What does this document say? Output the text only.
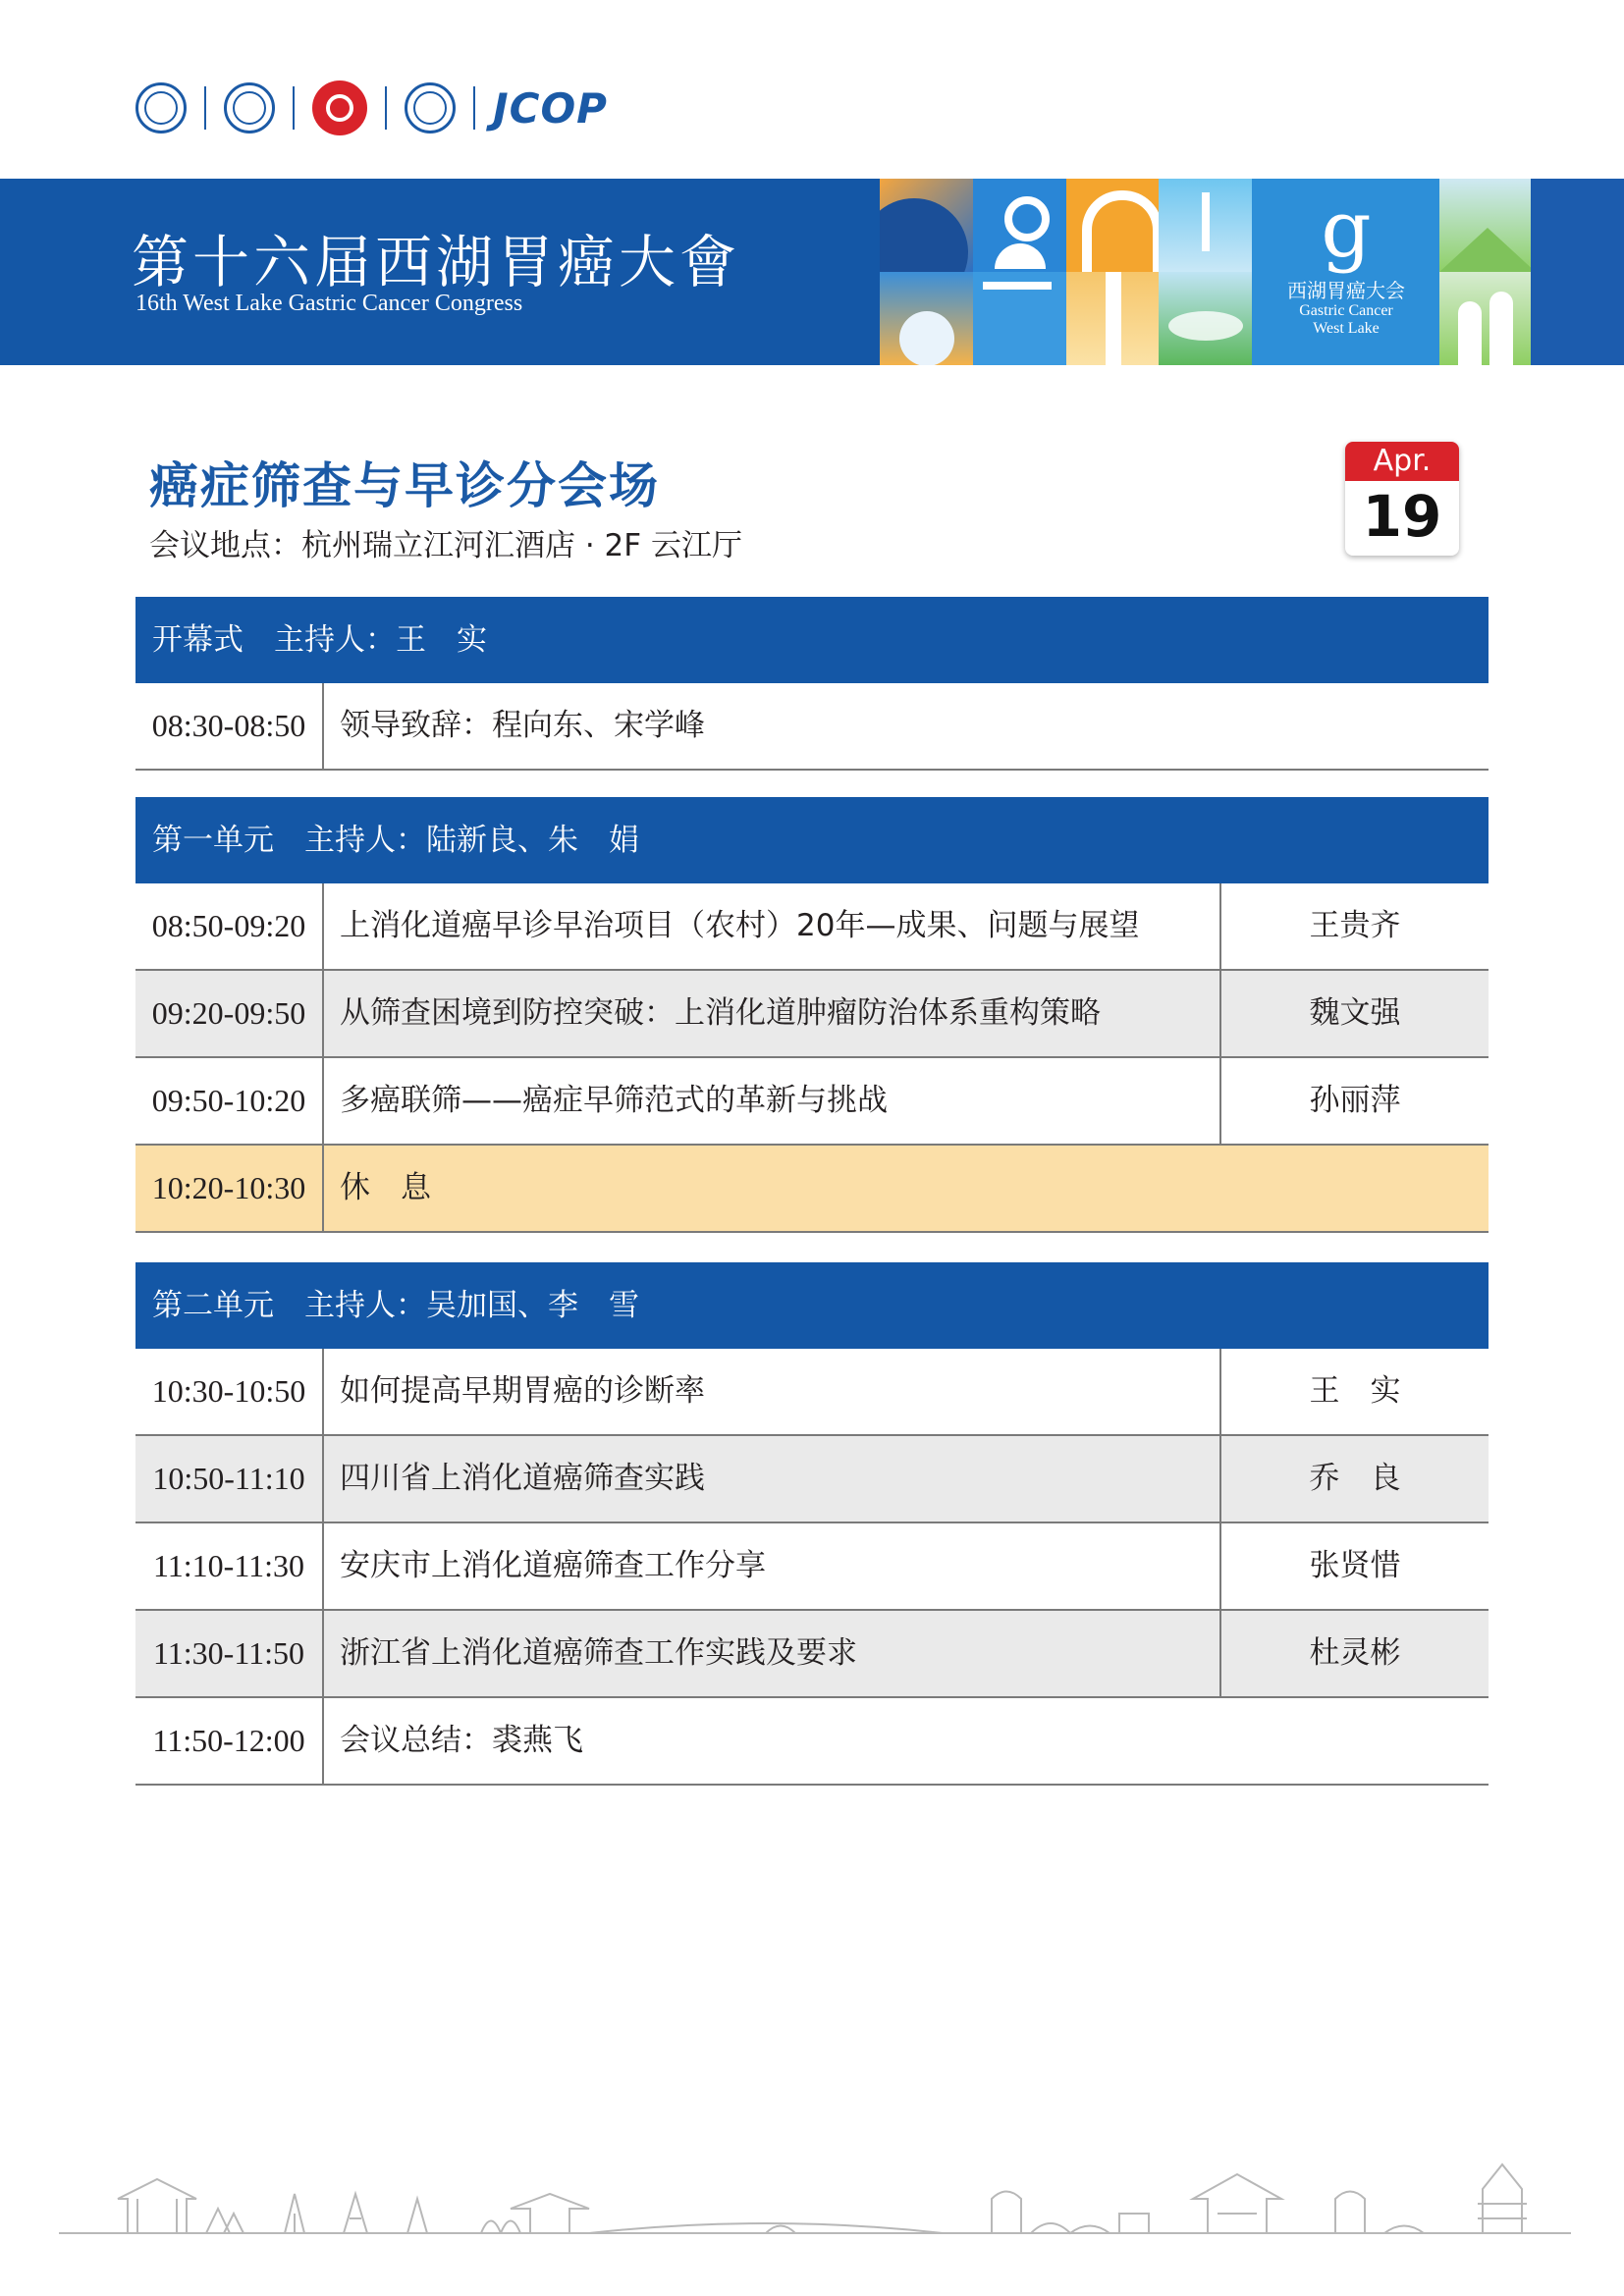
JCOP
第十六届西湖胃癌大會
16th West Lake Gastric Cancer Congress
g
西湖胃癌大会
Gastric Cancer
West Lake
癌症筛查与早诊分会场
会议地点：杭州瑞立江河汇酒店 · 2F 云江厅
Apr.
19
开幕式　主持人：王　实
08:30-08:50	领导致辞：程向东、宋学峰
第一单元　主持人：陆新良、朱　娟
08:50-09:20	上消化道癌早诊早治项目（农村）20年—成果、问题与展望	王贵齐
09:20-09:50	从筛查困境到防控突破：上消化道肿瘤防治体系重构策略	魏文强
09:50-10:20	多癌联筛——癌症早筛范式的革新与挑战	孙丽萍
10:20-10:30	休　息
第二单元　主持人：吴加国、李　雪
10:30-10:50	如何提高早期胃癌的诊断率	王　实
10:50-11:10	四川省上消化道癌筛查实践	乔　良
11:10-11:30	安庆市上消化道癌筛查工作分享	张贤惜
11:30-11:50	浙江省上消化道癌筛查工作实践及要求	杜灵彬
11:50-12:00	会议总结：裘燕飞
